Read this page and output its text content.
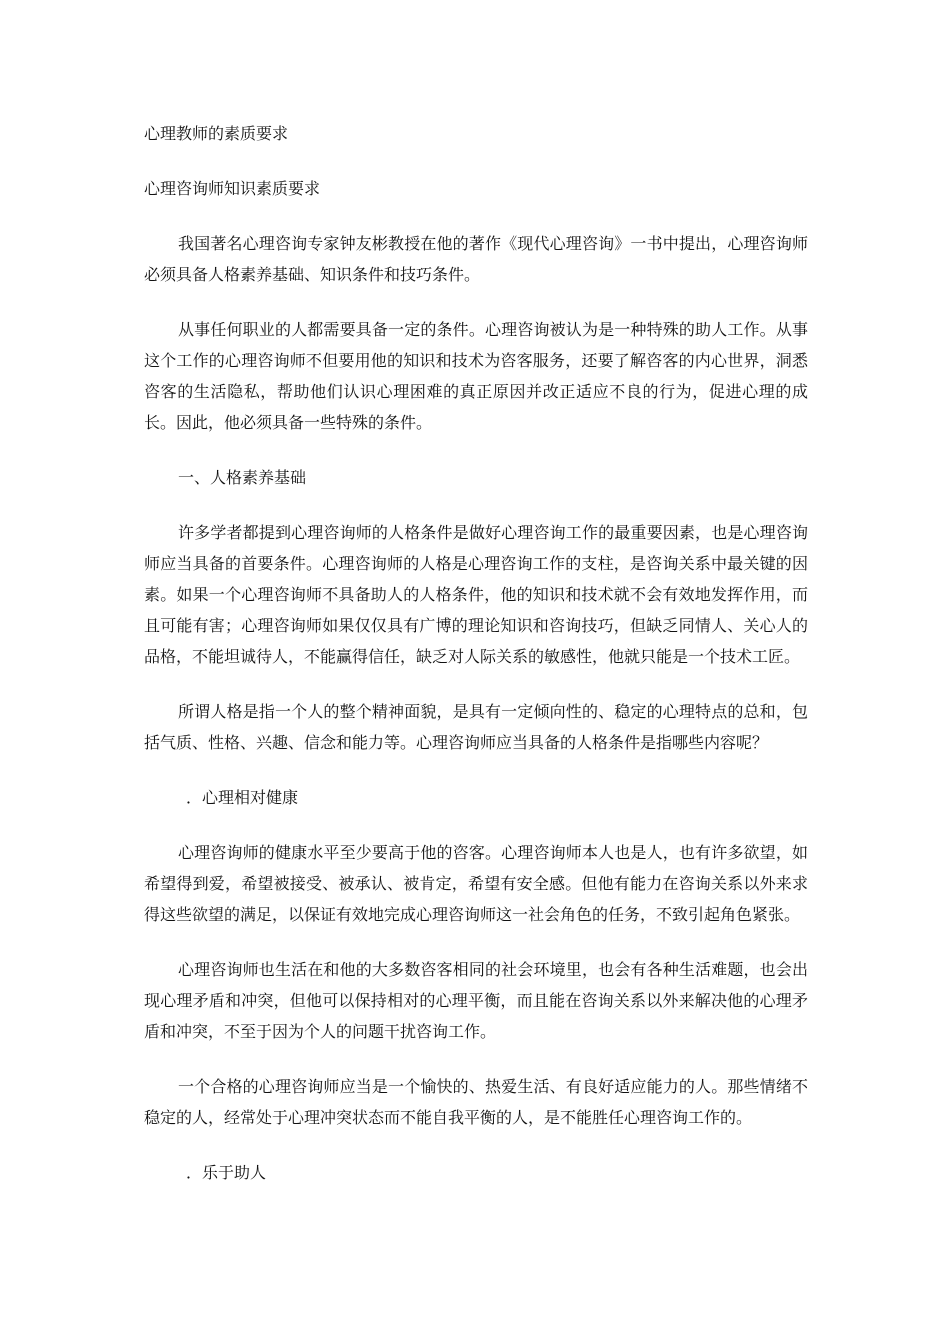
心理教师的素质要求
心理咨询师知识素质要求

我国著名心理咨询专家钟友彬教授在他的著作《现代心理咨询》一书中提出，心理咨询师必须具备人格素养基础、知识条件和技巧条件。

从事任何职业的人都需要具备一定的条件。心理咨询被认为是一种特殊的助人工作。从事这个工作的心理咨询师不但要用他的知识和技术为咨客服务，还要了解咨客的内心世界，洞悉咨客的生活隐私，帮助他们认识心理困难的真正原因并改正适应不良的行为，促进心理的成长。因此，他必须具备一些特殊的条件。

一、人格素养基础

许多学者都提到心理咨询师的人格条件是做好心理咨询工作的最重要因素，也是心理咨询师应当具备的首要条件。心理咨询师的人格是心理咨询工作的支柱，是咨询关系中最关键的因素。如果一个心理咨询师不具备助人的人格条件，他的知识和技术就不会有效地发挥作用，而且可能有害；心理咨询师如果仅仅具有广博的理论知识和咨询技巧，但缺乏同情人、关心人的品格，不能坦诚待人，不能赢得信任，缺乏对人际关系的敏感性，他就只能是一个技术工匠。

所谓人格是指一个人的整个精神面貌，是具有一定倾向性的、稳定的心理特点的总和，包括气质、性格、兴趣、信念和能力等。心理咨询师应当具备的人格条件是指哪些内容呢？

．心理相对健康

心理咨询师的健康水平至少要高于他的咨客。心理咨询师本人也是人，也有许多欲望，如希望得到爱，希望被接受、被承认、被肯定，希望有安全感。但他有能力在咨询关系以外来求得这些欲望的满足，以保证有效地完成心理咨询师这一社会角色的任务，不致引起角色紧张。

心理咨询师也生活在和他的大多数咨客相同的社会环境里，也会有各种生活难题，也会出现心理矛盾和冲突，但他可以保持相对的心理平衡，而且能在咨询关系以外来解决他的心理矛盾和冲突，不至于因为个人的问题干扰咨询工作。

一个合格的心理咨询师应当是一个愉快的、热爱生活、有良好适应能力的人。那些情绪不稳定的人，经常处于心理冲突状态而不能自我平衡的人，是不能胜任心理咨询工作的。

．乐于助人
